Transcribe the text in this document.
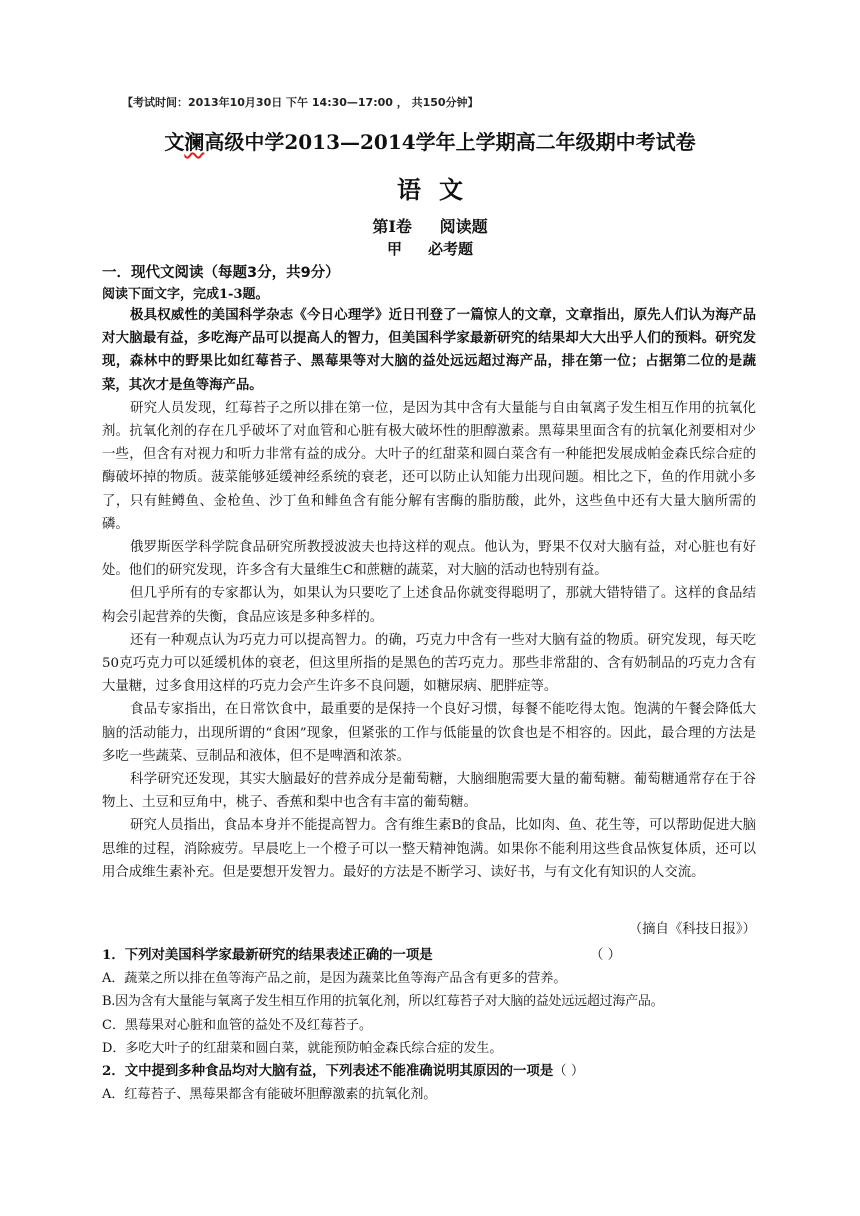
【考试时间：2013年10月30日 下午 14:30—17:00 ， 共150分钟】
文澜高级中学2013—2014学年上学期高二年级期中考试卷
语文
第Ⅰ卷     阅读题
甲     必考题
一．现代文阅读（每题3分，共9分）
阅读下面文字，完成1-3题。

极具权威性的美国科学杂志《今日心理学》近日刊登了一篇惊人的文章，文章指出，原先人们认为海产品对大脑最有益，多吃海产品可以提高人的智力，但美国科学家最新研究的结果却大大出乎人们的预料。研究发现，森林中的野果比如红莓苔子、黑莓果等对大脑的益处远远超过海产品，排在第一位；占据第二位的是蔬菜，其次才是鱼等海产品。

研究人员发现，红莓苔子之所以排在第一位，是因为其中含有大量能与自由氧离子发生相互作用的抗氧化剂。抗氧化剂的存在几乎破坏了对血管和心脏有极大破坏性的胆醇激素。黑莓果里面含有的抗氧化剂要相对少一些，但含有对视力和听力非常有益的成分。大叶子的红甜菜和圆白菜含有一种能把发展成帕金森氏综合症的酶破坏掉的物质。菠菜能够延缓神经系统的衰老，还可以防止认知能力出现问题。相比之下，鱼的作用就小多了，只有鲑鳟鱼、金枪鱼、沙丁鱼和鲱鱼含有能分解有害酶的脂肪酸，此外，这些鱼中还有大量大脑所需的磷。

俄罗斯医学科学院食品研究所教授波波夫也持这样的观点。他认为，野果不仅对大脑有益，对心脏也有好处。他们的研究发现，许多含有大量维生C和蔗糖的蔬菜，对大脑的活动也特别有益。

但几乎所有的专家都认为，如果认为只要吃了上述食品你就变得聪明了，那就大错特错了。这样的食品结构会引起营养的失衡，食品应该是多种多样的。

还有一种观点认为巧克力可以提高智力。的确，巧克力中含有一些对大脑有益的物质。研究发现，每天吃50克巧克力可以延缓机体的衰老，但这里所指的是黑色的苦巧克力。那些非常甜的、含有奶制品的巧克力含有大量糖，过多食用这样的巧克力会产生许多不良问题，如糖尿病、肥胖症等。

食品专家指出，在日常饮食中，最重要的是保持一个良好习惯，每餐不能吃得太饱。饱满的午餐会降低大脑的活动能力，出现所谓的“食困”现象，但紧张的工作与低能量的饮食也是不相容的。因此，最合理的方法是多吃一些蔬菜、豆制品和液体，但不是啤酒和浓茶。

科学研究还发现，其实大脑最好的营养成分是葡萄糖，大脑细胞需要大量的葡萄糖。葡萄糖通常存在于谷物上、土豆和豆角中，桃子、香蕉和梨中也含有丰富的葡萄糖。

研究人员指出，食品本身并不能提高智力。含有维生素B的食品，比如肉、鱼、花生等，可以帮助促进大脑思维的过程，消除疲劳。早晨吃上一个橙子可以一整天精神饱满。如果你不能利用这些食品恢复体质，还可以用合成维生素补充。但是要想开发智力。最好的方法是不断学习、读好书，与有文化有知识的人交流。

（摘自《科技日报》）

1．下列对美国科学家最新研究的结果表述正确的一项是	（ ）

A．蔬菜之所以排在鱼等海产品之前，是因为蔬菜比鱼等海产品含有更多的营养。

B.因为含有大量能与氧离子发生相互作用的抗氧化剂，所以红莓苔子对大脑的益处远远超过海产品。

C．黑莓果对心脏和血管的益处不及红莓苔子。

D．多吃大叶子的红甜菜和圆白菜，就能预防帕金森氏综合症的发生。

2．文中提到多种食品均对大脑有益，下列表述不能准确说明其原因的一项是（ ）

A．红莓苔子、黑莓果都含有能破坏胆醇激素的抗氧化剂。
